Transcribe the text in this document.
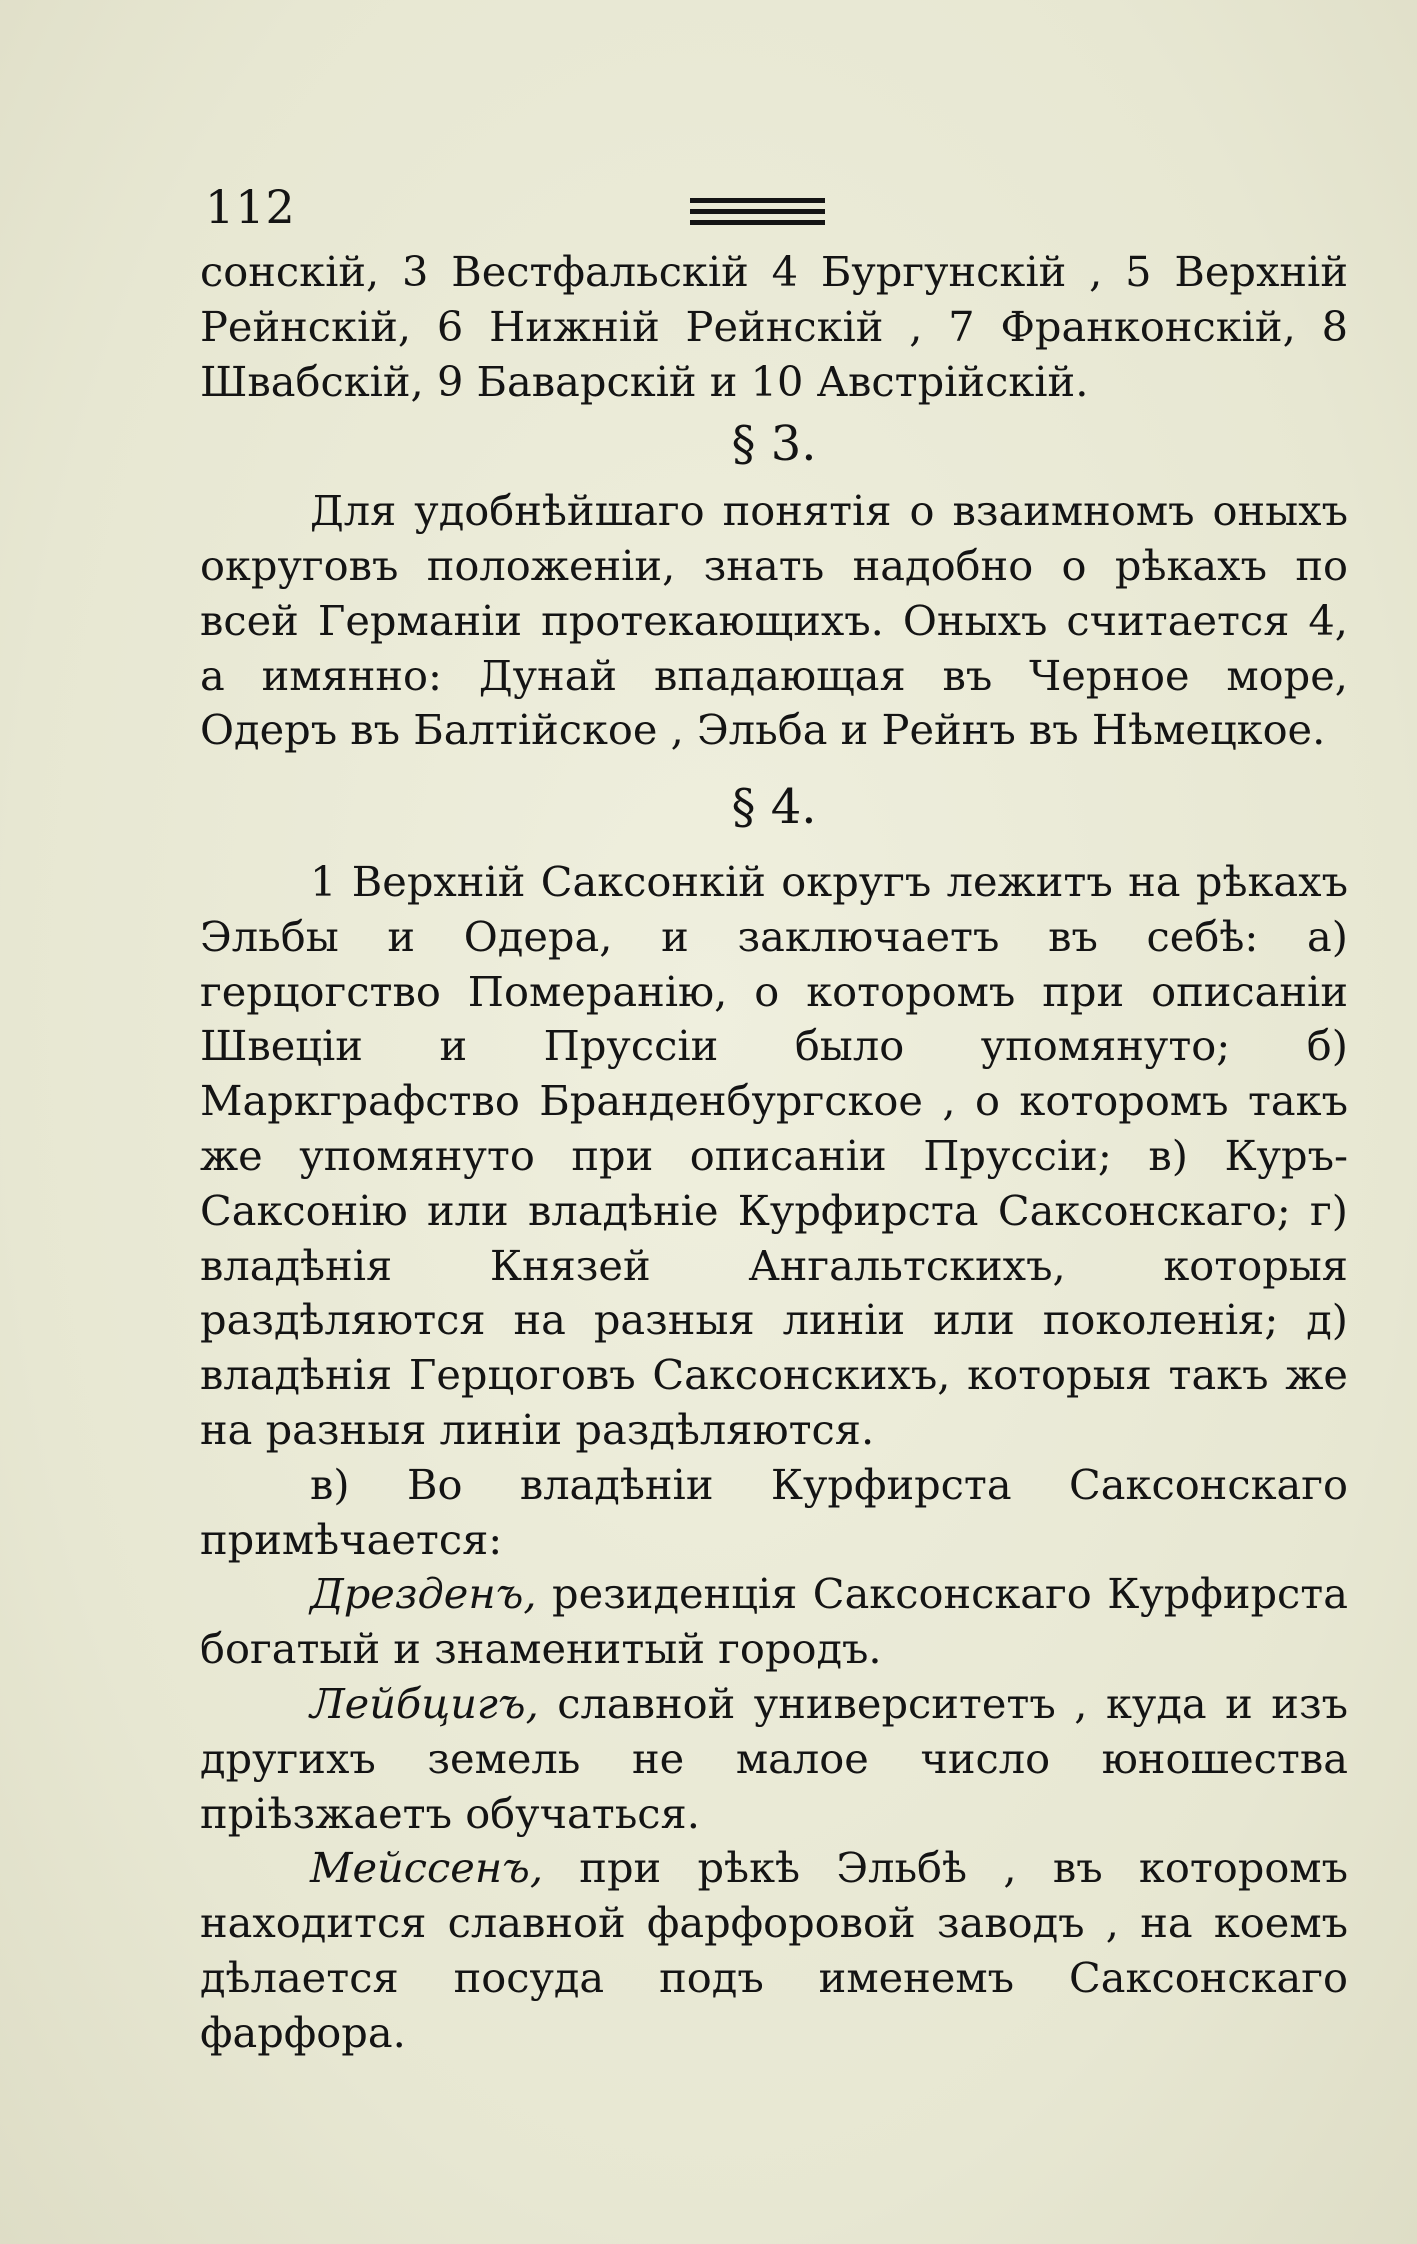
112

сонскій, 3 Вестфальскій 4 Бургунскій , 5 Верхній Рейнскій, 6 Нижній Рейнскій , 7 Франконскій, 8 Швабскій, 9 Баварскій и 10 Австрійскій.

§ 3.

Для удобнѣйшаго понятія о взаимномъ оныхъ округовъ положеніи, знать надобно о рѣкахъ по всей Германіи протекающихъ. Оныхъ считается 4, а имянно: Дунай впадающая въ Черное море, Одеръ въ Балтійское , Эльба и Рейнъ въ Нѣмецкое.

§ 4.

1 Верхній Саксонкій округъ лежитъ на рѣкахъ Эльбы и Одера, и заключаетъ въ себѣ: а) герцогство Померанію, о которомъ при описаніи Швеціи и Пруссіи было упомянуто; б) Маркграфство Бранденбургское , о которомъ такъ же упомянуто при описаніи Пруссіи; в) Куръ-Саксонію или владѣніе Курфирста Саксонскаго; г) владѣнія Князей Ангальтскихъ, которыя раздѣляются на разныя линіи или поколенія; д) владѣнія Герцоговъ Саксонскихъ, которыя такъ же на разныя линіи раздѣляются.

в) Во владѣніи Курфирста Саксонскаго примѣчается:

Дрезденъ, резиденція Саксонскаго Курфирста богатый и знаменитый городъ.

Лейбцигъ, славной университетъ , куда и изъ другихъ земель не малое число юношества пріѣзжаетъ обучаться.

Мейссенъ, при рѣкѣ Эльбѣ , въ которомъ находится славной фарфоровой заводъ , на коемъ дѣлается посуда подъ именемъ Саксонскаго фарфора.
